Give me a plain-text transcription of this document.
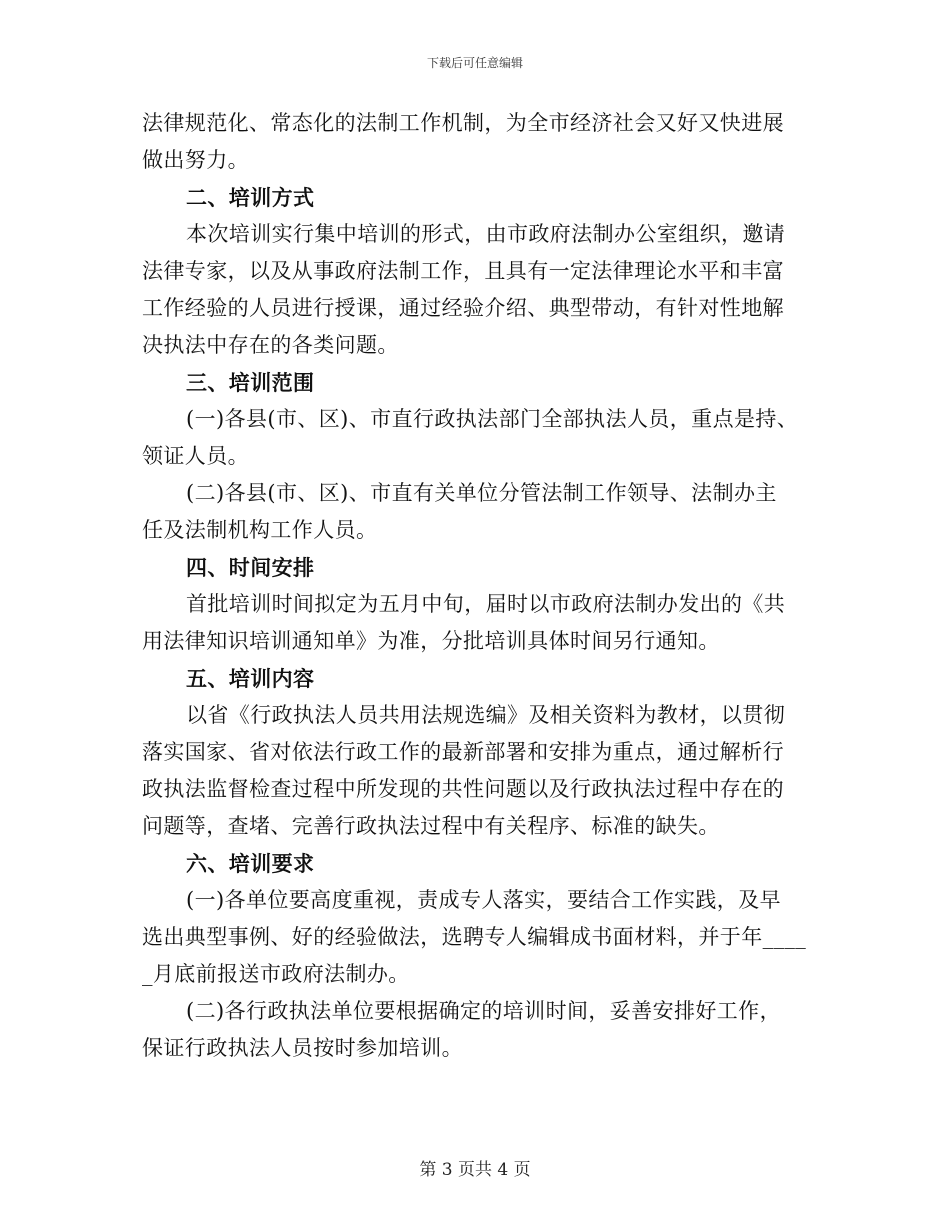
下载后可任意编辑
法律规范化、常态化的法制工作机制，为全市经济社会又好又快进展
做出努力。
二、培训方式
本次培训实行集中培训的形式，由市政府法制办公室组织，邀请
法律专家，以及从事政府法制工作，且具有一定法律理论水平和丰富
工作经验的人员进行授课，通过经验介绍、典型带动，有针对性地解
决执法中存在的各类问题。
三、培训范围
(一)各县(市、区)、市直行政执法部门全部执法人员，重点是持、
领证人员。
(二)各县(市、区)、市直有关单位分管法制工作领导、法制办主
任及法制机构工作人员。
四、时间安排
首批培训时间拟定为五月中旬，届时以市政府法制办发出的《共
用法律知识培训通知单》为准，分批培训具体时间另行通知。
五、培训内容
以省《行政执法人员共用法规选编》及相关资料为教材，以贯彻
落实国家、省对依法行政工作的最新部署和安排为重点，通过解析行
政执法监督检查过程中所发现的共性问题以及行政执法过程中存在的
问题等，查堵、完善行政执法过程中有关程序、标准的缺失。
六、培训要求
(一)各单位要高度重视，责成专人落实，要结合工作实践，及早
选出典型事例、好的经验做法，选聘专人编辑成书面材料，并于年____
_月底前报送市政府法制办。
(二)各行政执法单位要根据确定的培训时间，妥善安排好工作，
保证行政执法人员按时参加培训。
第 3 页共 4 页
